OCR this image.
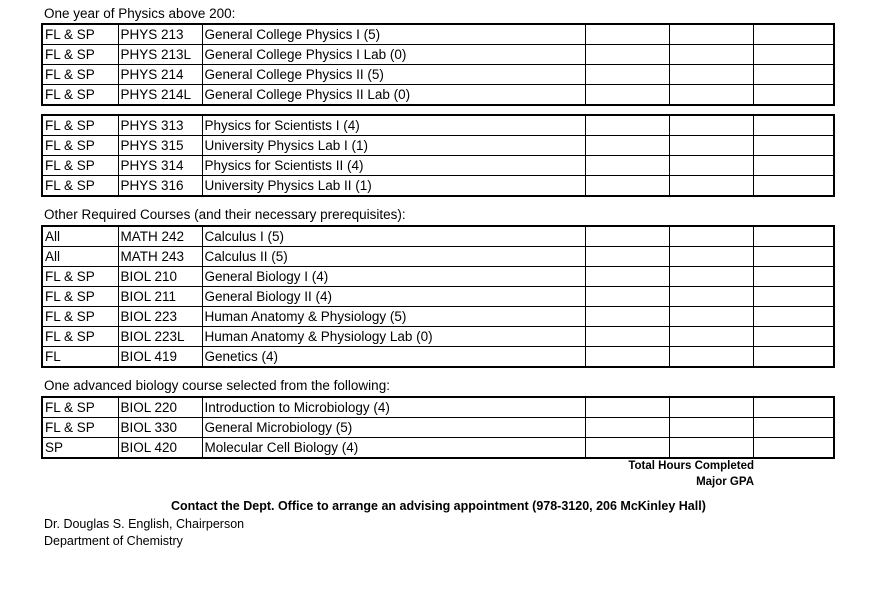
One year of Physics above 200:
FL & SP	PHYS 213	General College Physics I (5)			
FL & SP	PHYS 213L	General College Physics I Lab (0)			
FL & SP	PHYS 214	General College Physics II (5)			
FL & SP	PHYS 214L	General College Physics II Lab (0)			
FL & SP	PHYS 313	Physics for Scientists I (4)			
FL & SP	PHYS 315	University Physics Lab I (1)			
FL & SP	PHYS 314	Physics for Scientists II (4)			
FL & SP	PHYS 316	University Physics Lab II (1)			
Other Required Courses (and their necessary prerequisites):
All	MATH 242	Calculus I (5)			
All	MATH 243	Calculus II (5)			
FL & SP	BIOL 210	General Biology I (4)			
FL & SP	BIOL 211	General Biology II (4)			
FL & SP	BIOL 223	Human Anatomy & Physiology (5)			
FL & SP	BIOL 223L	Human Anatomy & Physiology Lab (0)			
FL	BIOL 419	Genetics (4)			
One advanced biology course selected from the following:
FL & SP	BIOL 220	Introduction to Microbiology (4)			
FL & SP	BIOL 330	General Microbiology (5)			
SP	BIOL 420	Molecular Cell Biology (4)			
Total Hours Completed
Major GPA
Contact the Dept. Office to arrange an advising appointment (978-3120, 206 McKinley Hall)
Dr. Douglas S. English, Chairperson
Department of Chemistry
